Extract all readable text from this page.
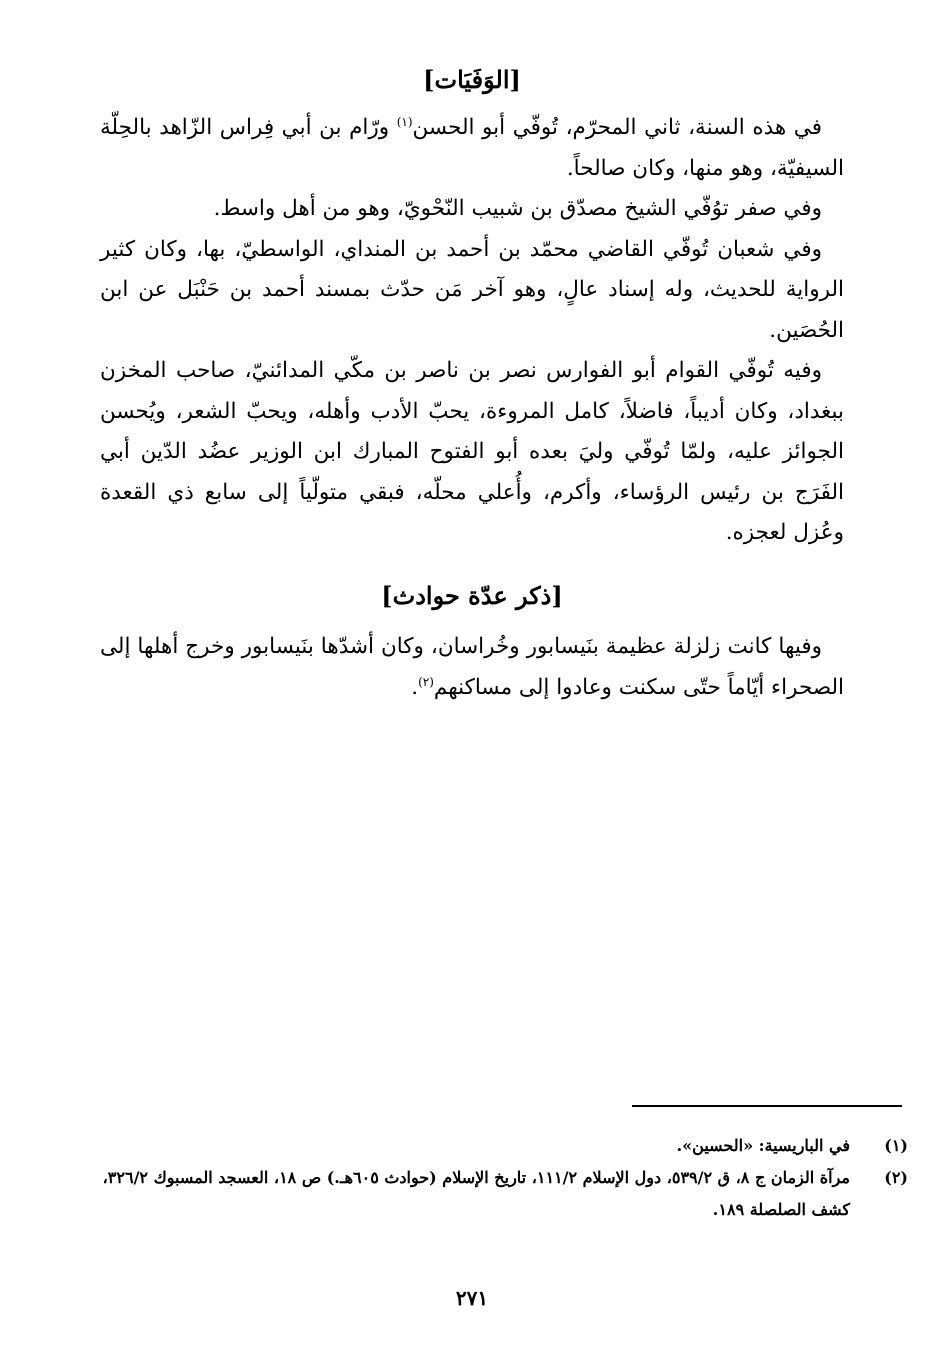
[الوَفَيَات]

في هذه السنة، ثاني المحرّم، تُوفّي أبو الحسن$^{(١)}$ ورّام بن أبي فِراس الزّاهد بالحِلّة السيفيّة، وهو منها، وكان صالحاً.

وفي صفر توُفّي الشيخ مصدّق بن شبيب النّحْويّ، وهو من أهل واسط.

وفي شعبان تُوفّي القاضي محمّد بن أحمد بن المنداي، الواسطيّ، بها، وكان كثير الرواية للحديث، وله إسناد عالٍ، وهو آخر مَن حدّث بمسند أحمد بن حَنْبَل عن ابن الحُصَين.

وفيه تُوفّي القوام أبو الفوارس نصر بن ناصر بن مكّي المدائنيّ، صاحب المخزن ببغداد، وكان أديباً، فاضلاً، كامل المروءة، يحبّ الأدب وأهله، ويحبّ الشعر، ويُحسن الجوائز عليه، ولمّا تُوفّي وليَ بعده أبو الفتوح المبارك ابن الوزير عضُد الدّين أبي الفَرَج بن رئيس الرؤساء، وأكرم، وأُعلي محلّه، فبقي متولّياً إلى سابع ذي القعدة وعُزل لعجزه.

[ذكر عدّة حوادث]

وفيها كانت زلزلة عظيمة بنَيسابور وخُراسان، وكان أشدّها بنَيسابور وخرج أهلها إلى الصحراء أيّاماً حتّى سكنت وعادوا إلى مساكنهم$^{(٢)}$.

(١)
في الباريسية: «الحسين».
(٢)
مرآة الزمان ج ٨، ق ٥٣٩/٢، دول الإسلام ١١١/٢، تاريخ الإسلام (حوادث ٦٠٥هـ.) ص ١٨، العسجد المسبوك ٣٢٦/٢، كشف الصلصلة ١٨٩.
٢٧١
